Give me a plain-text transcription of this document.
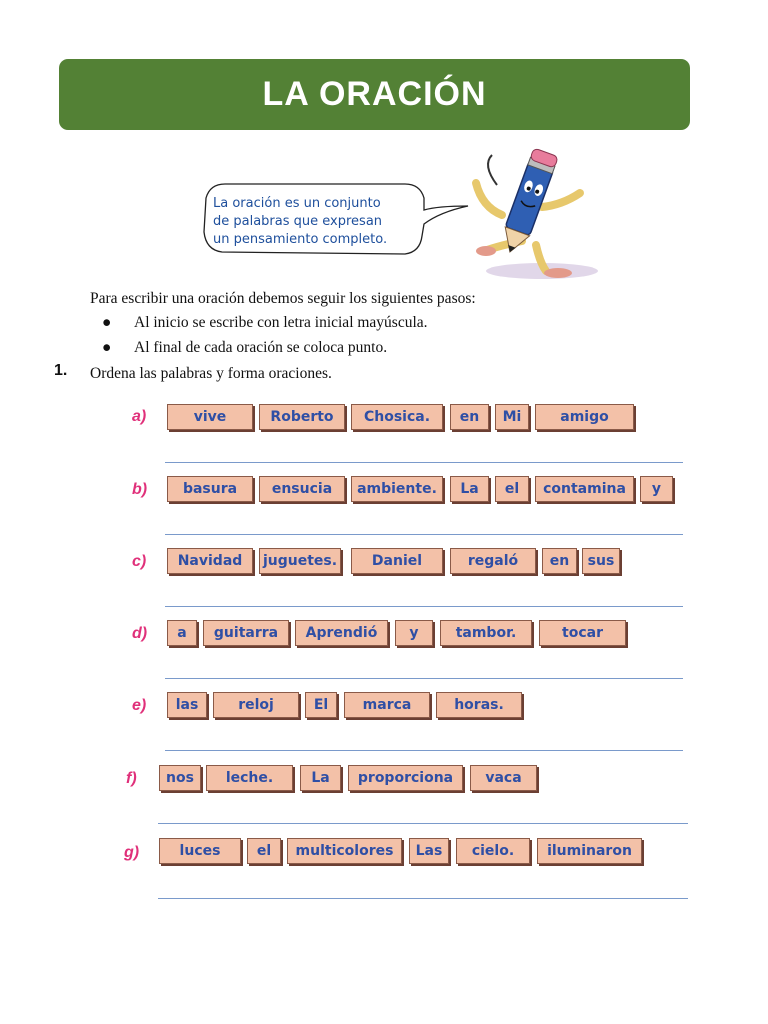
LA ORACIÓN
La oración es un conjunto
de palabras que expresan
un pensamiento completo.
Para escribir una oración debemos seguir los siguientes pasos:
● Al inicio se escribe con letra inicial mayúscula.
● Al final de cada oración se coloca punto.
1. Ordena las palabras y forma oraciones.
a)	vive	Roberto	Chosica.	en	Mi	amigo
b)	basura	ensucia	ambiente.	La	el	contamina	y
c)	Navidad	juguetes.	Daniel	regaló	en	sus
d)	a	guitarra	Aprendió	y	tambor.	tocar
e)	las	reloj	El	marca	horas.
f)	nos	leche.	La	proporciona	vaca
g)	luces	el	multicolores	Las	cielo.	iluminaron
